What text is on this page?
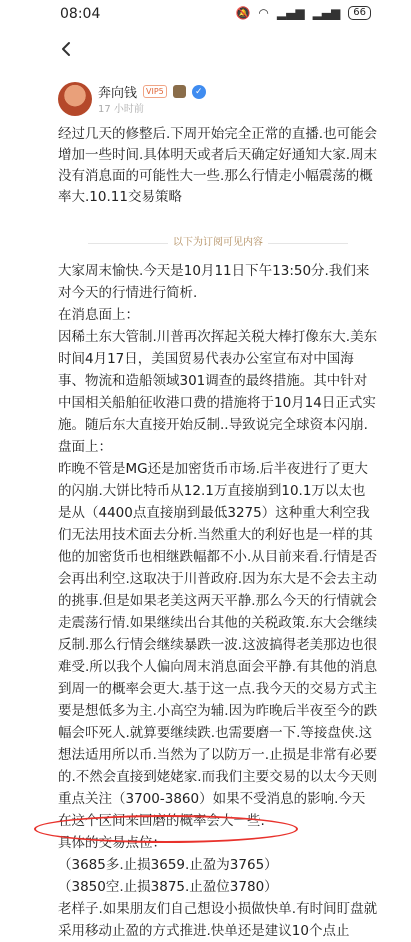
08:04	🔕 ◠ ▂▄▆ ▂▄▆	66
奔向钱	VIP5	✓
17 小时前

经过几天的修整后.下周开始完全正常的直播.也可能会增加一些时间.具体明天或者后天确定好通知大家.周末没有消息面的可能性大一些.那么行情走小幅震荡的概率大.10.11交易策略

以下为订阅可见内容

大家周末愉快.今天是10月11日下午13:50分.我们来对今天的行情进行简析.

在消息面上：

因稀土东大管制.川普再次挥起关税大棒打像东大.美东时间4月17日，美国贸易代表办公室宣布对中国海事、物流和造船领域301调查的最终措施。其中针对中国相关船舶征收港口费的措施将于10月14日正式实施。随后东大直接开始反制..导致说完全球资本闪崩.

盘面上：

昨晚不管是MG还是加密货币市场.后半夜进行了更大的闪崩.大饼比特币从12.1万直接崩到10.1万以太也是从（4400点直接崩到最低3275）这种重大利空我们无法用技术面去分析.当然重大的利好也是一样的其他的加密货币也相继跌幅都不小.从目前来看.行情是否会再出利空.这取决于川普政府.因为东大是不会去主动的挑事.但是如果老美这两天平静.那么今天的行情就会走震荡行情.如果继续出台其他的关税政策.东大会继续反制.那么行情会继续暴跌一波.这波搞得老美那边也很难受.所以我个人偏向周末消息面会平静.有其他的消息到周一的概率会更大.基于这一点.我今天的交易方式主要是想低多为主.小高空为辅.因为昨晚后半夜至今的跌幅会吓死人.就算要继续跌.也需要磨一下.等接盘侠.这想法适用所以币.当然为了以防万一.止损是非常有必要的.不然会直接到姥姥家.而我们主要交易的以太今天则重点关注（3700-3860）如果不受消息的影响.今天在这个区间来回磨的概率会大一些.

具体的交易点位：

（3685多.止损3659.止盈为3765）

（3850空.止损3875.止盈位3780）

老样子.如果朋友们自己想设小损做快单.有时间盯盘就采用移动止盈的方式推进.快单还是建议10个点止
